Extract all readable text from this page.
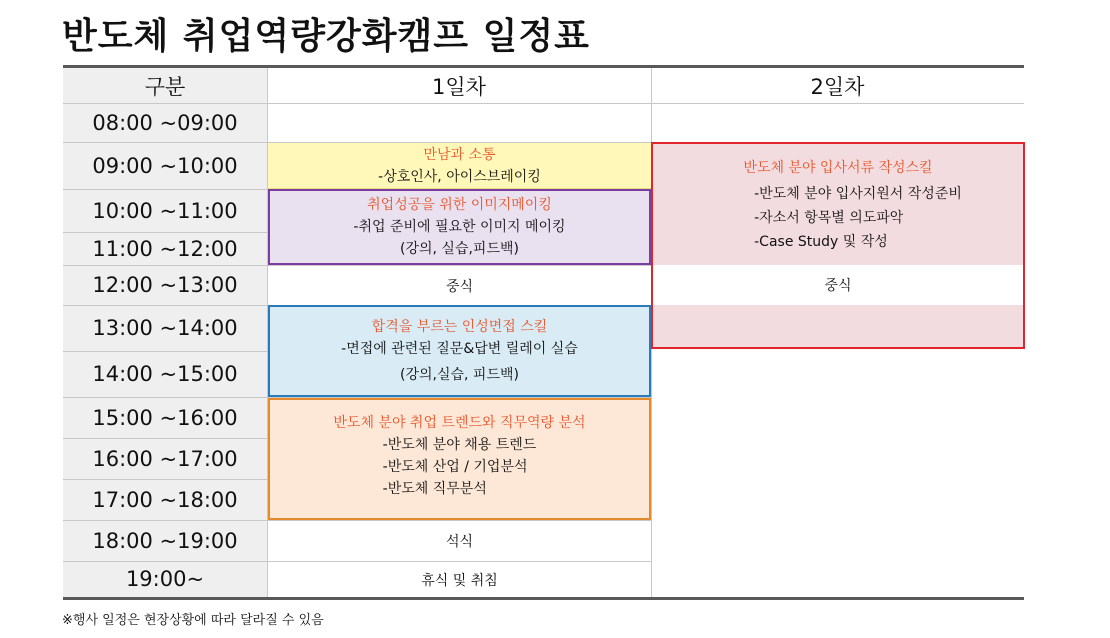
반도체 취업역량강화캠프 일정표
구분	1일차	2일차
08:00 ~09:00
09:00 ~10:00
10:00 ~11:00
11:00 ~12:00
12:00 ~13:00
13:00 ~14:00
14:00 ~15:00
15:00 ~16:00
16:00 ~17:00
17:00 ~18:00
18:00 ~19:00
19:00~
만남과 소통
-상호인사, 아이스브레이킹
취업성공을 위한 이미지메이킹
-취업 준비에 필요한 이미지 메이킹
(강의, 실습,피드백)
중식
합격을 부르는 인성면접 스킬
-면접에 관련된 질문&답변 릴레이 실습
(강의,실습, 피드백)
반도체 분야 취업 트렌드와 직무역량 분석
-반도체 분야 채용 트렌드
-반도체 산업 / 기업분석
-반도체 직무분석
석식
휴식 및 취침
반도체 분야 입사서류 작성스킬
-반도체 분야 입사지원서 작성준비
-자소서 항목별 의도파악
-Case Study 및 작성
중식
※행사 일정은 현장상황에 따라 달라질 수 있음
